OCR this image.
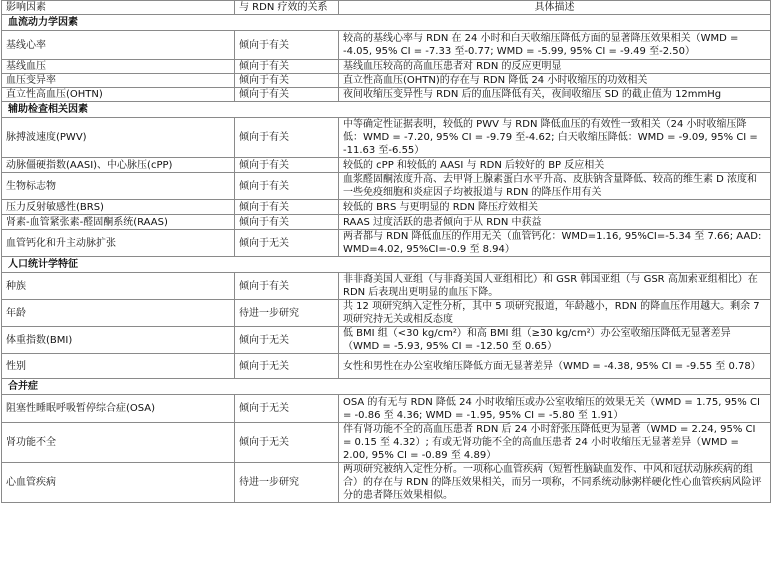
影响因素	与 RDN 疗效的关系	具体描述
血流动力学因素		
基线心率	倾向于有关	较高的基线心率与 RDN 在 24 小时和白天收缩压降低方面的显著降压效果相关（WMD = -4.05, 95% CI = -7.33 至-0.77; WMD = -5.99, 95% CI = -9.49 至-2.50）
基线血压	倾向于有关	基线血压较高的高血压患者对 RDN 的反应更明显
血压变异率	倾向于有关	直立性高血压(OHTN)的存在与 RDN 降低 24 小时收缩压的功效相关
直立性高血压(OHTN)	倾向于有关	夜间收缩压变异性与 RDN 后的血压降低有关，夜间收缩压 SD 的截止值为 12mmHg
辅助检查相关因素		
脉搏波速度(PWV)	倾向于有关	中等确定性证据表明，较低的 PWV 与 RDN 降低血压的有效性一致相关（24 小时收缩压降低：WMD = -7.20, 95% CI = -9.79 至-4.62; 白天收缩压降低：WMD = -9.09, 95% CI = -11.63 至-6.55）
动脉僵硬指数(AASI)、中心脉压(cPP)	倾向于有关	较低的 cPP 和较低的 AASI 与 RDN 后较好的 BP 反应相关
生物标志物	倾向于有关	血浆醛固酮浓度升高、去甲肾上腺素蛋白水平升高、皮肤钠含量降低、较高的维生素 D 浓度和一些免疫细胞和炎症因子均被报道与 RDN 的降压作用有关
压力反射敏感性(BRS)	倾向于有关	较低的 BRS 与更明显的 RDN 降压疗效相关
肾素-血管紧张素-醛固酮系统(RAAS)	倾向于有关	RAAS 过度活跃的患者倾向于从 RDN 中获益
血管钙化和升主动脉扩张	倾向于无关	两者都与 RDN 降低血压的作用无关（血管钙化：WMD=1.16, 95%CI=-5.34 至 7.66; AAD: WMD=4.02, 95%CI=-0.9 至 8.94）
人口统计学特征		
种族	倾向于有关	非非裔美国人亚组（与非裔美国人亚组相比）和 GSR 韩国亚组（与 GSR 高加索亚组相比）在 RDN 后表现出更明显的血压下降。
年龄	待进一步研究	共 12 项研究纳入定性分析，其中 5 项研究报道，年龄越小，RDN 的降血压作用越大。剩余 7 项研究持无关或相反态度
体重指数(BMI)	倾向于无关	低 BMI 组（<30 kg/cm²）和高 BMI 组（≥30 kg/cm²）办公室收缩压降低无显著差异（WMD = -5.93, 95% CI = -12.50 至 0.65）
性别	倾向于无关	女性和男性在办公室收缩压降低方面无显著差异（WMD = -4.38, 95% CI = -9.55 至 0.78）
合并症		
阻塞性睡眠呼吸暂停综合症(OSA)	倾向于无关	OSA 的有无与 RDN 降低 24 小时收缩压或办公室收缩压的效果无关（WMD = 1.75, 95% CI = -0.86 至 4.36; WMD = -1.95, 95% CI = -5.80 至 1.91）
肾功能不全	倾向于无关	伴有肾功能不全的高血压患者 RDN 后 24 小时舒张压降低更为显著（WMD = 2.24, 95% CI = 0.15 至 4.32）; 有或无肾功能不全的高血压患者 24 小时收缩压无显著差异（WMD = 2.00, 95% CI = -0.89 至 4.89）
心血管疾病	待进一步研究	两项研究被纳入定性分析。一项称心血管疾病（短暂性脑缺血发作、中风和冠状动脉疾病的组合）的存在与 RDN 的降压效果相关，而另一项称，不同系统动脉粥样硬化性心血管疾病风险评分的患者降压效果相似。
